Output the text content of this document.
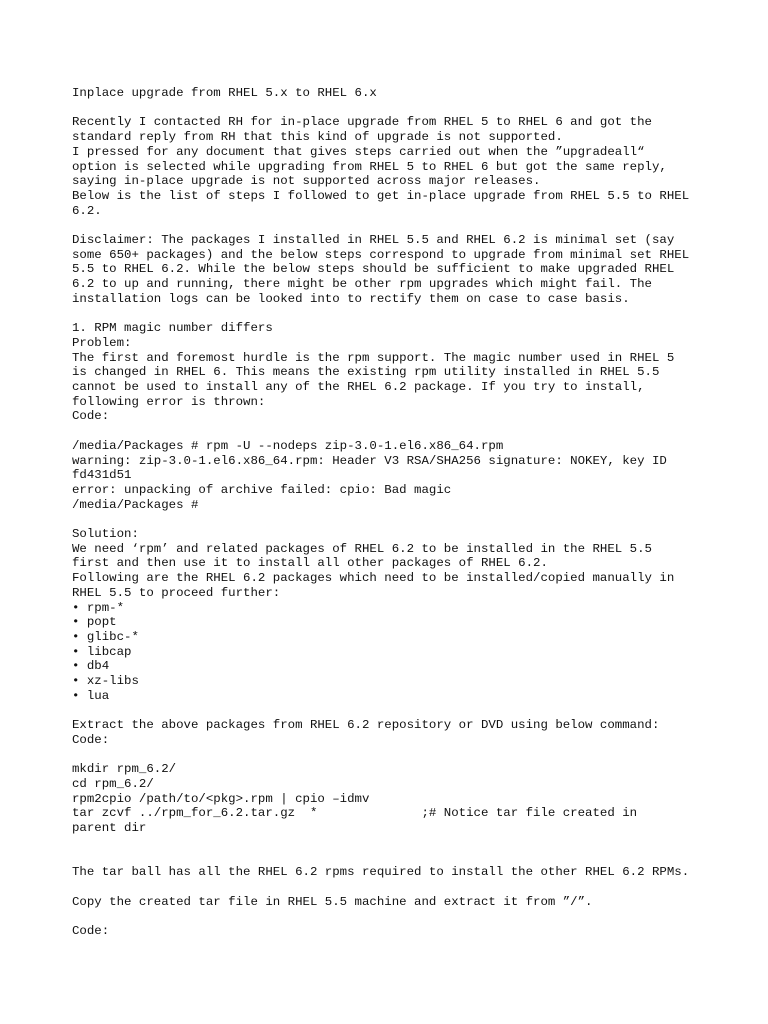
Inplace upgrade from RHEL 5.x to RHEL 6.x
Recently I contacted RH for in-place upgrade from RHEL 5 to RHEL 6 and got the
standard reply from RH that this kind of upgrade is not supported.
I pressed for any document that gives steps carried out when the ”upgradeall“
option is selected while upgrading from RHEL 5 to RHEL 6 but got the same reply,
saying in-place upgrade is not supported across major releases.
Below is the list of steps I followed to get in-place upgrade from RHEL 5.5 to RHEL
6.2.
Disclaimer: The packages I installed in RHEL 5.5 and RHEL 6.2 is minimal set (say
some 650+ packages) and the below steps correspond to upgrade from minimal set RHEL
5.5 to RHEL 6.2. While the below steps should be sufficient to make upgraded RHEL
6.2 to up and running, there might be other rpm upgrades which might fail. The
installation logs can be looked into to rectify them on case to case basis.
1. RPM magic number differs
Problem:
The first and foremost hurdle is the rpm support. The magic number used in RHEL 5
is changed in RHEL 6. This means the existing rpm utility installed in RHEL 5.5
cannot be used to install any of the RHEL 6.2 package. If you try to install,
following error is thrown:
Code:
/media/Packages # rpm -U --nodeps zip-3.0-1.el6.x86_64.rpm
warning: zip-3.0-1.el6.x86_64.rpm: Header V3 RSA/SHA256 signature: NOKEY, key ID
fd431d51
error: unpacking of archive failed: cpio: Bad magic
/media/Packages #
Solution:
We need ‘rpm’ and related packages of RHEL 6.2 to be installed in the RHEL 5.5
first and then use it to install all other packages of RHEL 6.2.
Following are the RHEL 6.2 packages which need to be installed/copied manually in
RHEL 5.5 to proceed further:
• rpm-*
• popt
• glibc-*
• libcap
• db4
• xz-libs
• lua
Extract the above packages from RHEL 6.2 repository or DVD using below command:
Code:
mkdir rpm_6.2/
cd rpm_6.2/
rpm2cpio /path/to/<pkg>.rpm | cpio –idmv
tar zcvf ../rpm_for_6.2.tar.gz  *              ;# Notice tar file created in
parent dir
The tar ball has all the RHEL 6.2 rpms required to install the other RHEL 6.2 RPMs.
Copy the created tar file in RHEL 5.5 machine and extract it from ”/”.
Code:
